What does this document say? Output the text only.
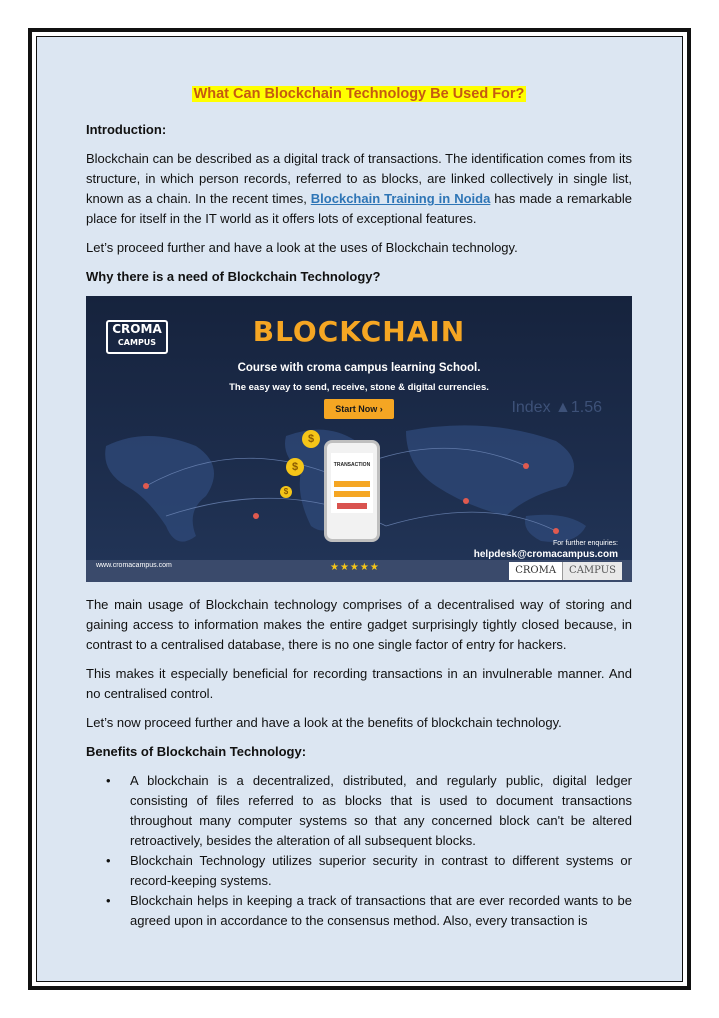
What Can Blockchain Technology Be Used For?
Introduction:

Blockchain can be described as a digital track of transactions. The identification comes from its structure, in which person records, referred to as blocks, are linked collectively in single list, known as a chain. In the recent times, Blockchain Training in Noida has made a remarkable place for itself in the IT world as it offers lots of exceptional features.

Let’s proceed further and have a look at the uses of Blockchain technology.

Why there is a need of Blockchain Technology?
CROMA
CAMPUS	BLOCKCHAIN
Course with croma campus learning School.
The easy way to send, receive, stone & digital currencies.
Start Now ›	Index ▲1.56
$
$
$
TRANSACTION
For further enquiries:
helpdesk@cromacampus.com
www.cromacampus.com	★★★★★	CROMA	CAMPUS

The main usage of Blockchain technology comprises of a decentralised way of storing and gaining access to information makes the entire gadget surprisingly tightly closed because, in contrast to a centralised database, there is no one single factor of entry for hackers.

This makes it especially beneficial for recording transactions in an invulnerable manner. And no centralised control.

Let’s now proceed further and have a look at the benefits of blockchain technology.

Benefits of Blockchain Technology:
• A blockchain is a decentralized, distributed, and regularly public, digital ledger consisting of files referred to as blocks that is used to document transactions throughout many computer systems so that any concerned block can't be altered retroactively, besides the alteration of all subsequent blocks.
• Blockchain Technology utilizes superior security in contrast to different systems or record-keeping systems.
• Blockchain helps in keeping a track of transactions that are ever recorded wants to be agreed upon in accordance to the consensus method. Also, every transaction is
